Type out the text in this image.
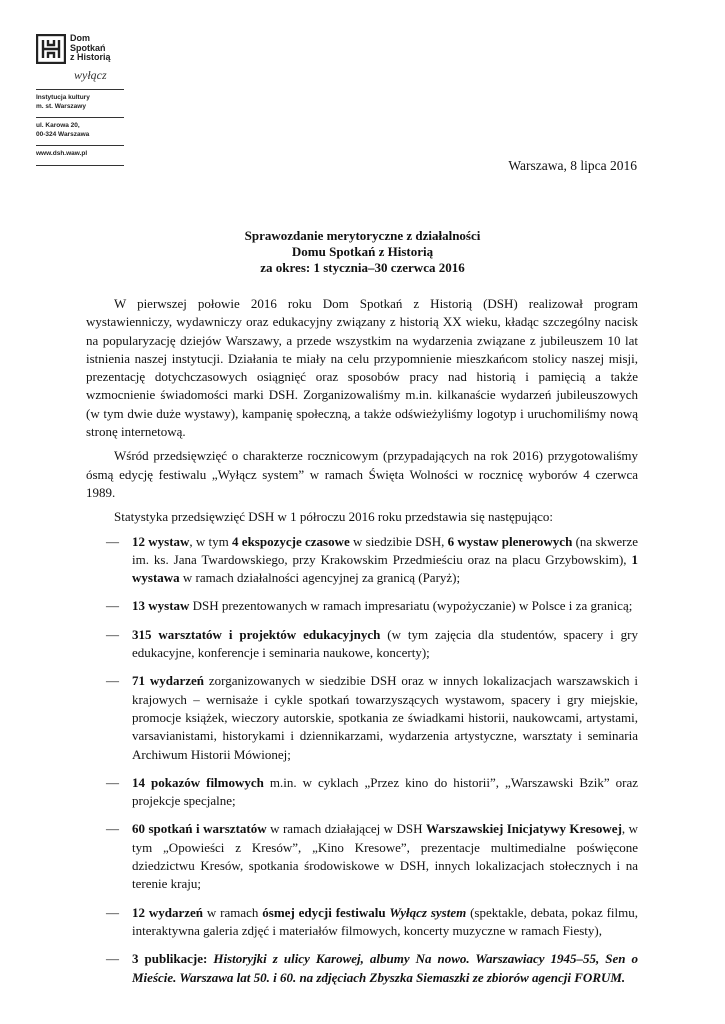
Dom
Spotkań
z Historią
wyłącz
Instytucja kultury
m. st. Warszawy
ul. Karowa 20,
00-324 Warszawa
www.dsh.waw.pl
Warszawa, 8 lipca 2016
Sprawozdanie merytoryczne z działalności
Domu Spotkań z Historią
za okres: 1 stycznia–30 czerwca 2016

W pierwszej połowie 2016 roku Dom Spotkań z Historią (DSH) realizował program wystawienniczy, wydawniczy oraz edukacyjny związany z historią XX wieku, kładąc szczególny nacisk na popularyzację dziejów Warszawy, a przede wszystkim na wydarzenia związane z jubileuszem 10 lat istnienia naszej instytucji. Działania te miały na celu przypomnienie mieszkańcom stolicy naszej misji, prezentację dotychczasowych osiągnięć oraz sposobów pracy nad historią i pamięcią a także wzmocnienie świadomości marki DSH. Zorganizowaliśmy m.in. kilkanaście wydarzeń jubileuszowych (w tym dwie duże wystawy), kampanię społeczną, a także odświeżyliśmy logotyp i uruchomiliśmy nową stronę internetową.

Wśród przedsięwzięć o charakterze rocznicowym (przypadających na rok 2016) przygotowaliśmy ósmą edycję festiwalu „Wyłącz system” w ramach Święta Wolności w rocznicę wyborów 4 czerwca 1989.

Statystyka przedsięwzięć DSH w 1 półroczu 2016 roku przedstawia się następująco:

— 12 wystaw, w tym 4 ekspozycje czasowe w siedzibie DSH, 6 wystaw plenerowych (na skwerze im. ks. Jana Twardowskiego, przy Krakowskim Przedmieściu oraz na placu Grzybowskim), 1 wystawa w ramach działalności agencyjnej za granicą (Paryż);
— 13 wystaw DSH prezentowanych w ramach impresariatu (wypożyczanie) w Polsce i za granicą;
— 315 warsztatów i projektów edukacyjnych (w tym zajęcia dla studentów, spacery i gry edukacyjne, konferencje i seminaria naukowe, koncerty);
— 71 wydarzeń zorganizowanych w siedzibie DSH oraz w innych lokalizacjach warszawskich i krajowych – wernisaże i cykle spotkań towarzyszących wystawom, spacery i gry miejskie, promocje książek, wieczory autorskie, spotkania ze świadkami historii, naukowcami, artystami, varsavianistami, historykami i dziennikarzami, wydarzenia artystyczne, warsztaty i seminaria Archiwum Historii Mówionej;
— 14 pokazów filmowych m.in. w cyklach „Przez kino do historii”, „Warszawski Bzik” oraz projekcje specjalne;
— 60 spotkań i warsztatów w ramach działającej w DSH Warszawskiej Inicjatywy Kresowej, w tym „Opowieści z Kresów”, „Kino Kresowe”, prezentacje multimedialne poświęcone dziedzictwu Kresów, spotkania środowiskowe w DSH, innych lokalizacjach stołecznych i na terenie kraju;
— 12 wydarzeń w ramach ósmej edycji festiwalu Wyłącz system (spektakle, debata, pokaz filmu, interaktywna galeria zdjęć i materiałów filmowych, koncerty muzyczne w ramach Fiesty),
— 3 publikacje: Historyjki z ulicy Karowej, albumy Na nowo. Warszawiacy 1945–55, Sen o Mieście. Warszawa lat 50. i 60. na zdjęciach Zbyszka Siemaszki ze zbiorów agencji FORUM.
